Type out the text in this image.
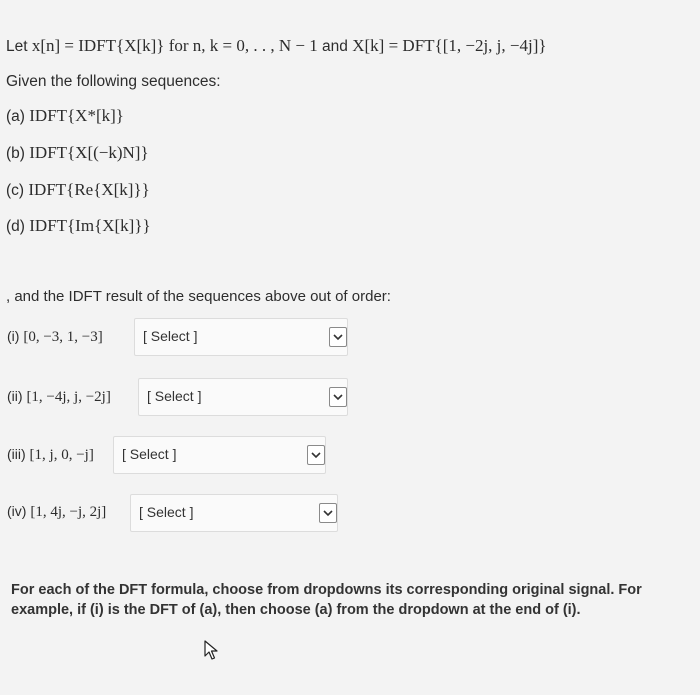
Let x[n] = IDFT{X[k]} for n, k = 0, . . , N − 1 and X[k] = DFT{[1, −2j, j, −4j]}
Given the following sequences:
(a) IDFT{X*[k]}
(b) IDFT{X[(−k)N]}
(c) IDFT{Re{X[k]}}
(d) IDFT{Im{X[k]}}
, and the IDFT result of the sequences above out of order:
(i) [0, −3, 1, −3]	[ Select ]
(ii) [1, −4j, j, −2j]	[ Select ]
(iii) [1, j, 0, −j] [ Select ]
(iv) [1, 4j, −j, 2j] [ Select ]
For each of the DFT formula, choose from dropdowns its corresponding original signal. For example, if (i) is the DFT of (a), then choose (a) from the dropdown at the end of (i).
